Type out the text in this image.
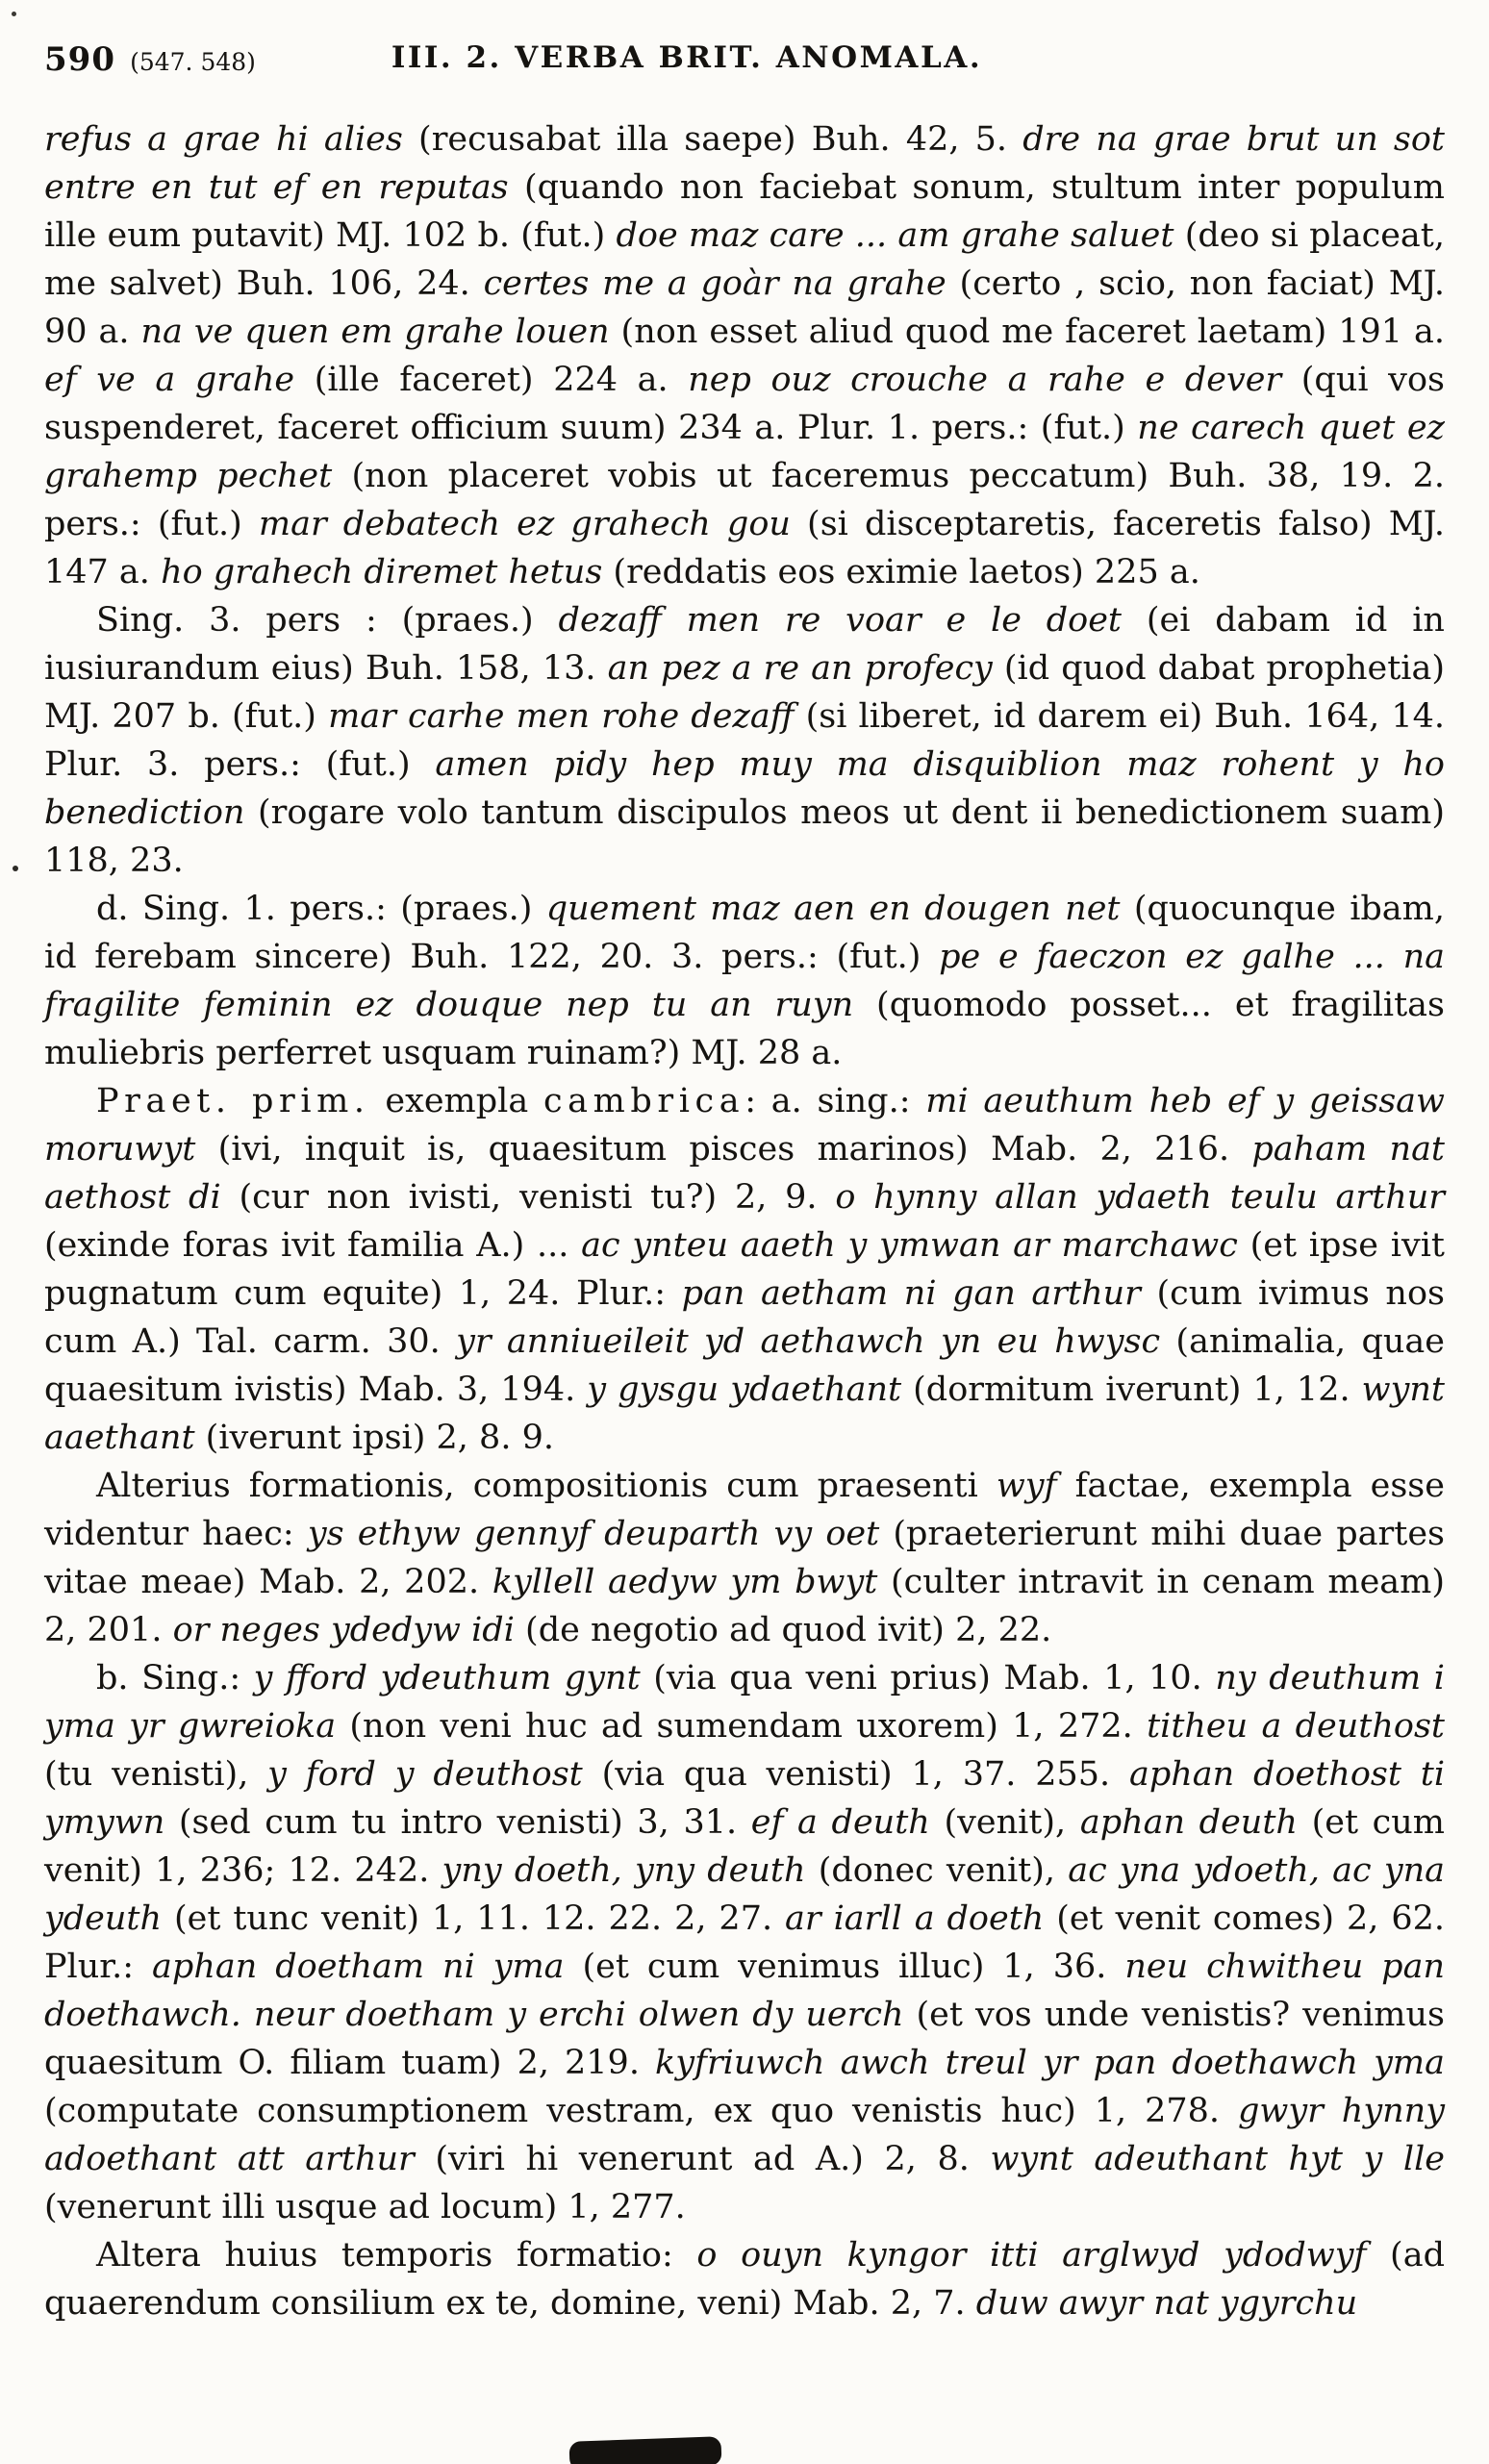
590 (547. 548)	III. 2. VERBA BRIT. ANOMALA.

refus a grae hi alies (recusabat illa saepe) Buh. 42, 5. dre na grae brut un sot entre en tut ef en reputas (quando non faciebat sonum, stultum inter populum ille eum putavit) MJ. 102 b. (fut.) doe maz care ... am grahe saluet (deo si placeat, me salvet) Buh. 106, 24. certes me a goàr na grahe (certo , scio, non faciat) MJ. 90 a. na ve quen em grahe louen (non esset aliud quod me faceret laetam) 191 a. ef ve a grahe (ille faceret) 224 a. nep ouz crouche a rahe e dever (qui vos suspenderet, faceret officium suum) 234 a. Plur. 1. pers.: (fut.) ne carech quet ez grahemp pechet (non placeret vobis ut faceremus peccatum) Buh. 38, 19. 2. pers.: (fut.) mar debatech ez grahech gou (si disceptaretis, faceretis falso) MJ. 147 a. ho grahech diremet hetus (reddatis eos eximie laetos) 225 a.

Sing. 3. pers : (praes.) dezaff men re voar e le doet (ei dabam id in iusiurandum eius) Buh. 158, 13. an pez a re an profecy (id quod dabat prophetia) MJ. 207 b. (fut.) mar carhe men rohe dezaff (si liberet, id darem ei) Buh. 164, 14. Plur. 3. pers.: (fut.) amen pidy hep muy ma disquiblion maz rohent y ho benediction (rogare volo tantum discipulos meos ut dent ii benedictionem suam) 118, 23.

d. Sing. 1. pers.: (praes.) quement maz aen en dougen net (quocunque ibam, id ferebam sincere) Buh. 122, 20. 3. pers.: (fut.) pe e faeczon ez galhe ... na fragilite feminin ez douque nep tu an ruyn (quomodo posset... et fragilitas muliebris perferret usquam ruinam?) MJ. 28 a.

Praet. prim. exempla cambrica: a. sing.: mi aeuthum heb ef y geissaw moruwyt (ivi, inquit is, quaesitum pisces marinos) Mab. 2, 216. paham nat aethost di (cur non ivisti, venisti tu?) 2, 9. o hynny allan ydaeth teulu arthur (exinde foras ivit familia A.) ... ac ynteu aaeth y ymwan ar marchawc (et ipse ivit pugnatum cum equite) 1, 24. Plur.: pan aetham ni gan arthur (cum ivimus nos cum A.) Tal. carm. 30. yr anniueileit yd aethawch yn eu hwysc (animalia, quae quaesitum ivistis) Mab. 3, 194. y gysgu ydaethant (dormitum iverunt) 1, 12. wynt aaethant (iverunt ipsi) 2, 8. 9.

Alterius formationis, compositionis cum praesenti wyf factae, exempla esse videntur haec: ys ethyw gennyf deuparth vy oet (praeterierunt mihi duae partes vitae meae) Mab. 2, 202. kyllell aedyw ym bwyt (culter intravit in cenam meam) 2, 201. or neges ydedyw idi (de negotio ad quod ivit) 2, 22.

b. Sing.: y fford ydeuthum gynt (via qua veni prius) Mab. 1, 10. ny deuthum i yma yr gwreioka (non veni huc ad sumendam uxorem) 1, 272. titheu a deuthost (tu venisti), y ford y deuthost (via qua venisti) 1, 37. 255. aphan doethost ti ymywn (sed cum tu intro venisti) 3, 31. ef a deuth (venit), aphan deuth (et cum venit) 1, 236; 12. 242. yny doeth, yny deuth (donec venit), ac yna ydoeth, ac yna ydeuth (et tunc venit) 1, 11. 12. 22. 2, 27. ar iarll a doeth (et venit comes) 2, 62. Plur.: aphan doetham ni yma (et cum venimus illuc) 1, 36. neu chwitheu pan doethawch. neur doetham y erchi olwen dy uerch (et vos unde venistis? venimus quaesitum O. filiam tuam) 2, 219. kyfriuwch awch treul yr pan doethawch yma (computate consumptionem vestram, ex quo venistis huc) 1, 278. gwyr hynny adoethant att arthur (viri hi venerunt ad A.) 2, 8. wynt adeuthant hyt y lle (venerunt illi usque ad locum) 1, 277.

Altera huius temporis formatio: o ouyn kyngor itti arglwyd ydodwyf (ad quaerendum consilium ex te, domine, veni) Mab. 2, 7. duw awyr nat ygyrchu
